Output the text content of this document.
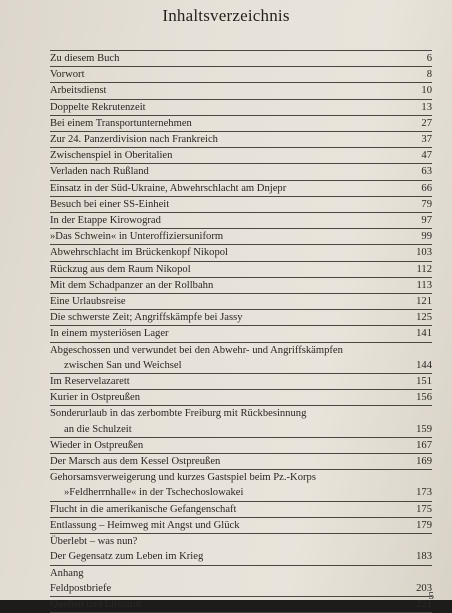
Inhaltsverzeichnis
Zu diesem Buch	6
Vorwort	8
Arbeitsdienst	10
Doppelte Rekrutenzeit	13
Bei einem Transportunternehmen	27
Zur 24. Panzerdivision nach Frankreich	37
Zwischenspiel in Oberitalien	47
Verladen nach Rußland	63
Einsatz in der Süd-Ukraine, Abwehrschlacht am Dnjepr	66
Besuch bei einer SS-Einheit	79
In der Etappe Kirowograd	97
»Das Schwein« in Unteroffiziersuniform	99
Abwehrschlacht im Brückenkopf Nikopol	103
Rückzug aus dem Raum Nikopol	112
Mit dem Schadpanzer an der Rollbahn	113
Eine Urlaubsreise	121
Die schwerste Zeit; Angriffskämpfe bei Jassy	125
In einem mysteriösen Lager	141
Abgeschossen und verwundet bei den Abwehr- und Angriffskämpfen
zwischen San und Weichsel	144
Im Reservelazarett	151
Kurier in Ostpreußen	156
Sonderurlaub in das zerbombte Freiburg mit Rückbesinnung
an die Schulzeit	159
Wieder in Ostpreußen	167
Der Marsch aus dem Kessel Ostpreußen	169
Gehorsamsverweigerung und kurzes Gastspiel beim Pz.-Korps
»Feldherrnhalle« in der Tschechoslowakei	173
Flucht in die amerikanische Gefangenschaft	175
Entlassung – Heimweg mit Angst und Glück	179
Überlebt – was nun?
Der Gegensatz zum Leben im Krieg	183
Anhang
Feldpostbriefe	203
Quellen und Literatur	221
5
